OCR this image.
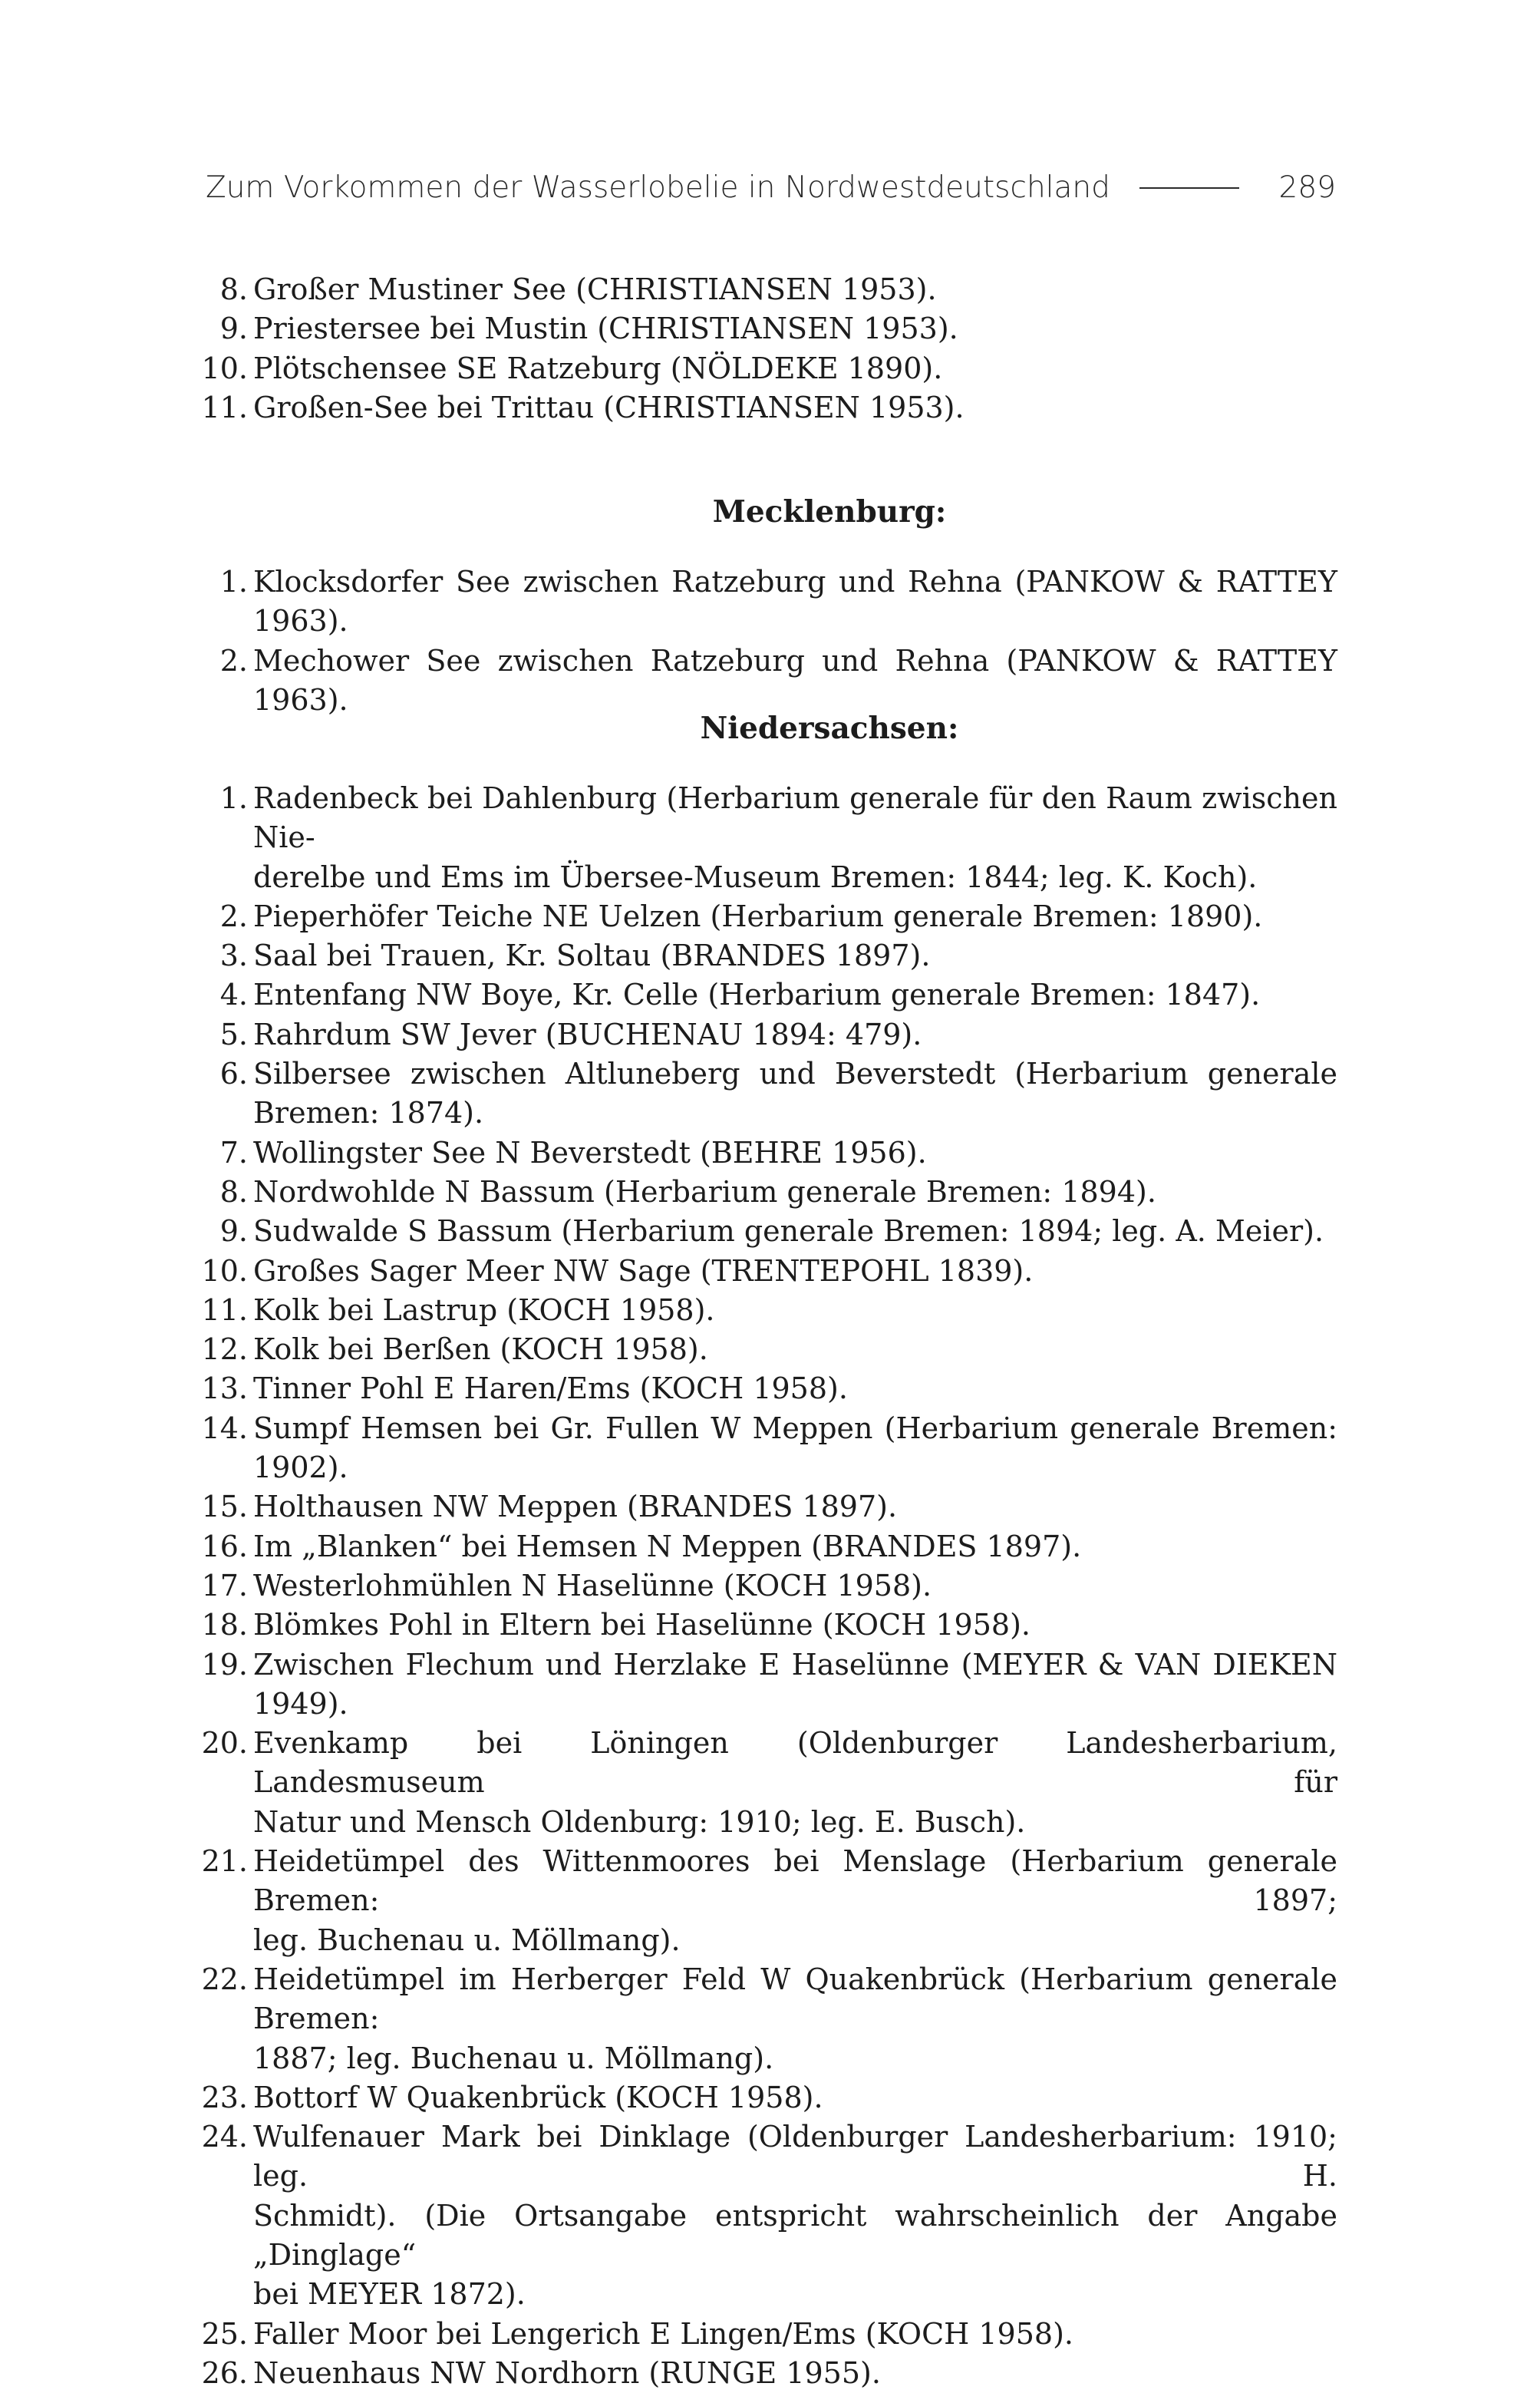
Zum Vorkommen der Wasserlobelie in Nordwestdeutschland	289
8. Großer Mustiner See (CHRISTIANSEN 1953).
9. Priestersee bei Mustin (CHRISTIANSEN 1953).
10. Plötschensee SE Ratzeburg (NÖLDEKE 1890).
11. Großen-See bei Trittau (CHRISTIANSEN 1953).
Mecklenburg:
1. Klocksdorfer See zwischen Ratzeburg und Rehna (PANKOW & RATTEY 1963).
2. Mechower See zwischen Ratzeburg und Rehna (PANKOW & RATTEY 1963).
Niedersachsen:
1. Radenbeck bei Dahlenburg (Herbarium generale für den Raum zwischen Nie-
derelbe und Ems im Übersee-Museum Bremen: 1844; leg. K. Koch).
2. Pieperhöfer Teiche NE Uelzen (Herbarium generale Bremen: 1890).
3. Saal bei Trauen, Kr. Soltau (BRANDES 1897).
4. Entenfang NW Boye, Kr. Celle (Herbarium generale Bremen: 1847).
5. Rahrdum SW Jever (BUCHENAU 1894: 479).
6. Silbersee zwischen Altluneberg und Beverstedt (Herbarium generale Bremen: 1874).
7. Wollingster See N Beverstedt (BEHRE 1956).
8. Nordwohlde N Bassum (Herbarium generale Bremen: 1894).
9. Sudwalde S Bassum (Herbarium generale Bremen: 1894; leg. A. Meier).
10. Großes Sager Meer NW Sage (TRENTEPOHL 1839).
11. Kolk bei Lastrup (KOCH 1958).
12. Kolk bei Berßen (KOCH 1958).
13. Tinner Pohl E Haren/Ems (KOCH 1958).
14. Sumpf Hemsen bei Gr. Fullen W Meppen (Herbarium generale Bremen: 1902).
15. Holthausen NW Meppen (BRANDES 1897).
16. Im „Blanken“ bei Hemsen N Meppen (BRANDES 1897).
17. Westerlohmühlen N Haselünne (KOCH 1958).
18. Blömkes Pohl in Eltern bei Haselünne (KOCH 1958).
19. Zwischen Flechum und Herzlake E Haselünne (MEYER & VAN DIEKEN 1949).
20. Evenkamp bei Löningen (Oldenburger Landesherbarium, Landesmuseum für
Natur und Mensch Oldenburg: 1910; leg. E. Busch).
21. Heidetümpel des Wittenmoores bei Menslage (Herbarium generale Bremen: 1897;
leg. Buchenau u. Möllmang).
22. Heidetümpel im Herberger Feld W Quakenbrück (Herbarium generale Bremen:
1887; leg. Buchenau u. Möllmang).
23. Bottorf W Quakenbrück (KOCH 1958).
24. Wulfenauer Mark bei Dinklage (Oldenburger Landesherbarium: 1910; leg. H.
Schmidt). (Die Ortsangabe entspricht wahrscheinlich der Angabe „Dinglage“
bei MEYER 1872).
25. Faller Moor bei Lengerich E Lingen/Ems (KOCH 1958).
26. Neuenhaus NW Nordhorn (RUNGE 1955).
